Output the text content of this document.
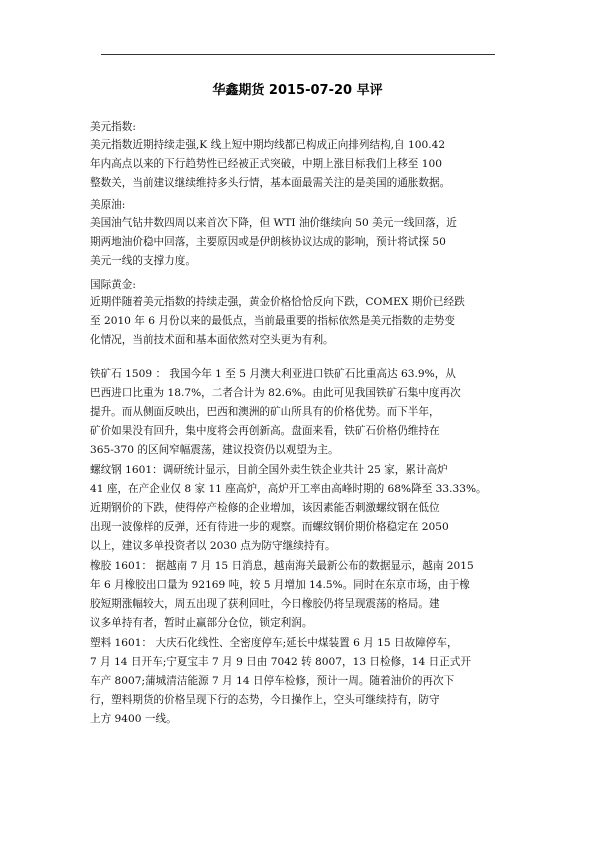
华鑫期货 2015-07-20 早评
美元指数:
美元指数近期持续走强,K 线上短中期均线都已构成正向排列结构,自 100.42
年内高点以来的下行趋势性已经被正式突破，中期上涨目标我们上移至 100
整数关，当前建议继续维持多头行情，基本面最需关注的是美国的通胀数据。
美原油:
美国油气钻井数四周以来首次下降，但 WTI 油价继续向 50 美元一线回落，近
期两地油价稳中回落，主要原因或是伊朗核协议达成的影响，预计将试探 50
美元一线的支撑力度。
国际黄金:
近期伴随着美元指数的持续走强，黄金价格恰恰反向下跌，COMEX 期价已经跌
至 2010 年 6 月份以来的最低点，当前最重要的指标依然是美元指数的走势变
化情况，当前技术面和基本面依然对空头更为有利。
铁矿石 1509 ： 我国今年 1 至 5 月澳大利亚进口铁矿石比重高达 63.9%，从
巴西进口比重为 18.7%，二者合计为 82.6%。由此可见我国铁矿石集中度再次
提升。而从侧面反映出，巴西和澳洲的矿山所具有的价格优势。而下半年，
矿价如果没有回升，集中度将会再创新高。盘面来看，铁矿石价格仍维持在
365-370 的区间窄幅震荡，建议投资仍以观望为主。
螺纹钢 1601：调研统计显示，目前全国外卖生铁企业共计 25 家，累计高炉
41 座，在产企业仅 8 家 11 座高炉，高炉开工率由高峰时期的 68%降至 33.33%。
近期钢价的下跌，使得停产检修的企业增加，该因素能否刺激螺纹钢在低位
出现一波像样的反弹，还有待进一步的观察。而螺纹钢价期价格稳定在 2050
以上，建议多单投资者以 2030 点为防守继续持有。
橡胶 1601： 据越南 7 月 15 日消息，越南海关最新公布的数据显示，越南 2015
年 6 月橡胶出口量为 92169 吨，较 5 月增加 14.5%。同时在东京市场，由于橡
胶短期涨幅较大，周五出现了获利回吐，今日橡胶仍将呈现震荡的格局。建
议多单持有者，暂时止赢部分仓位，锁定利润。
塑料 1601： 大庆石化线性、全密度停车;延长中煤装置 6 月 15 日故障停车，
7 月 14 日开车;宁夏宝丰 7 月 9 日由 7042 转 8007，13 日检修，14 日正式开
车产 8007;蒲城清洁能源 7 月 14 日停车检修，预计一周。随着油价的再次下
行，塑料期货的价格呈现下行的态势，今日操作上，空头可继续持有，防守
上方 9400 一线。
